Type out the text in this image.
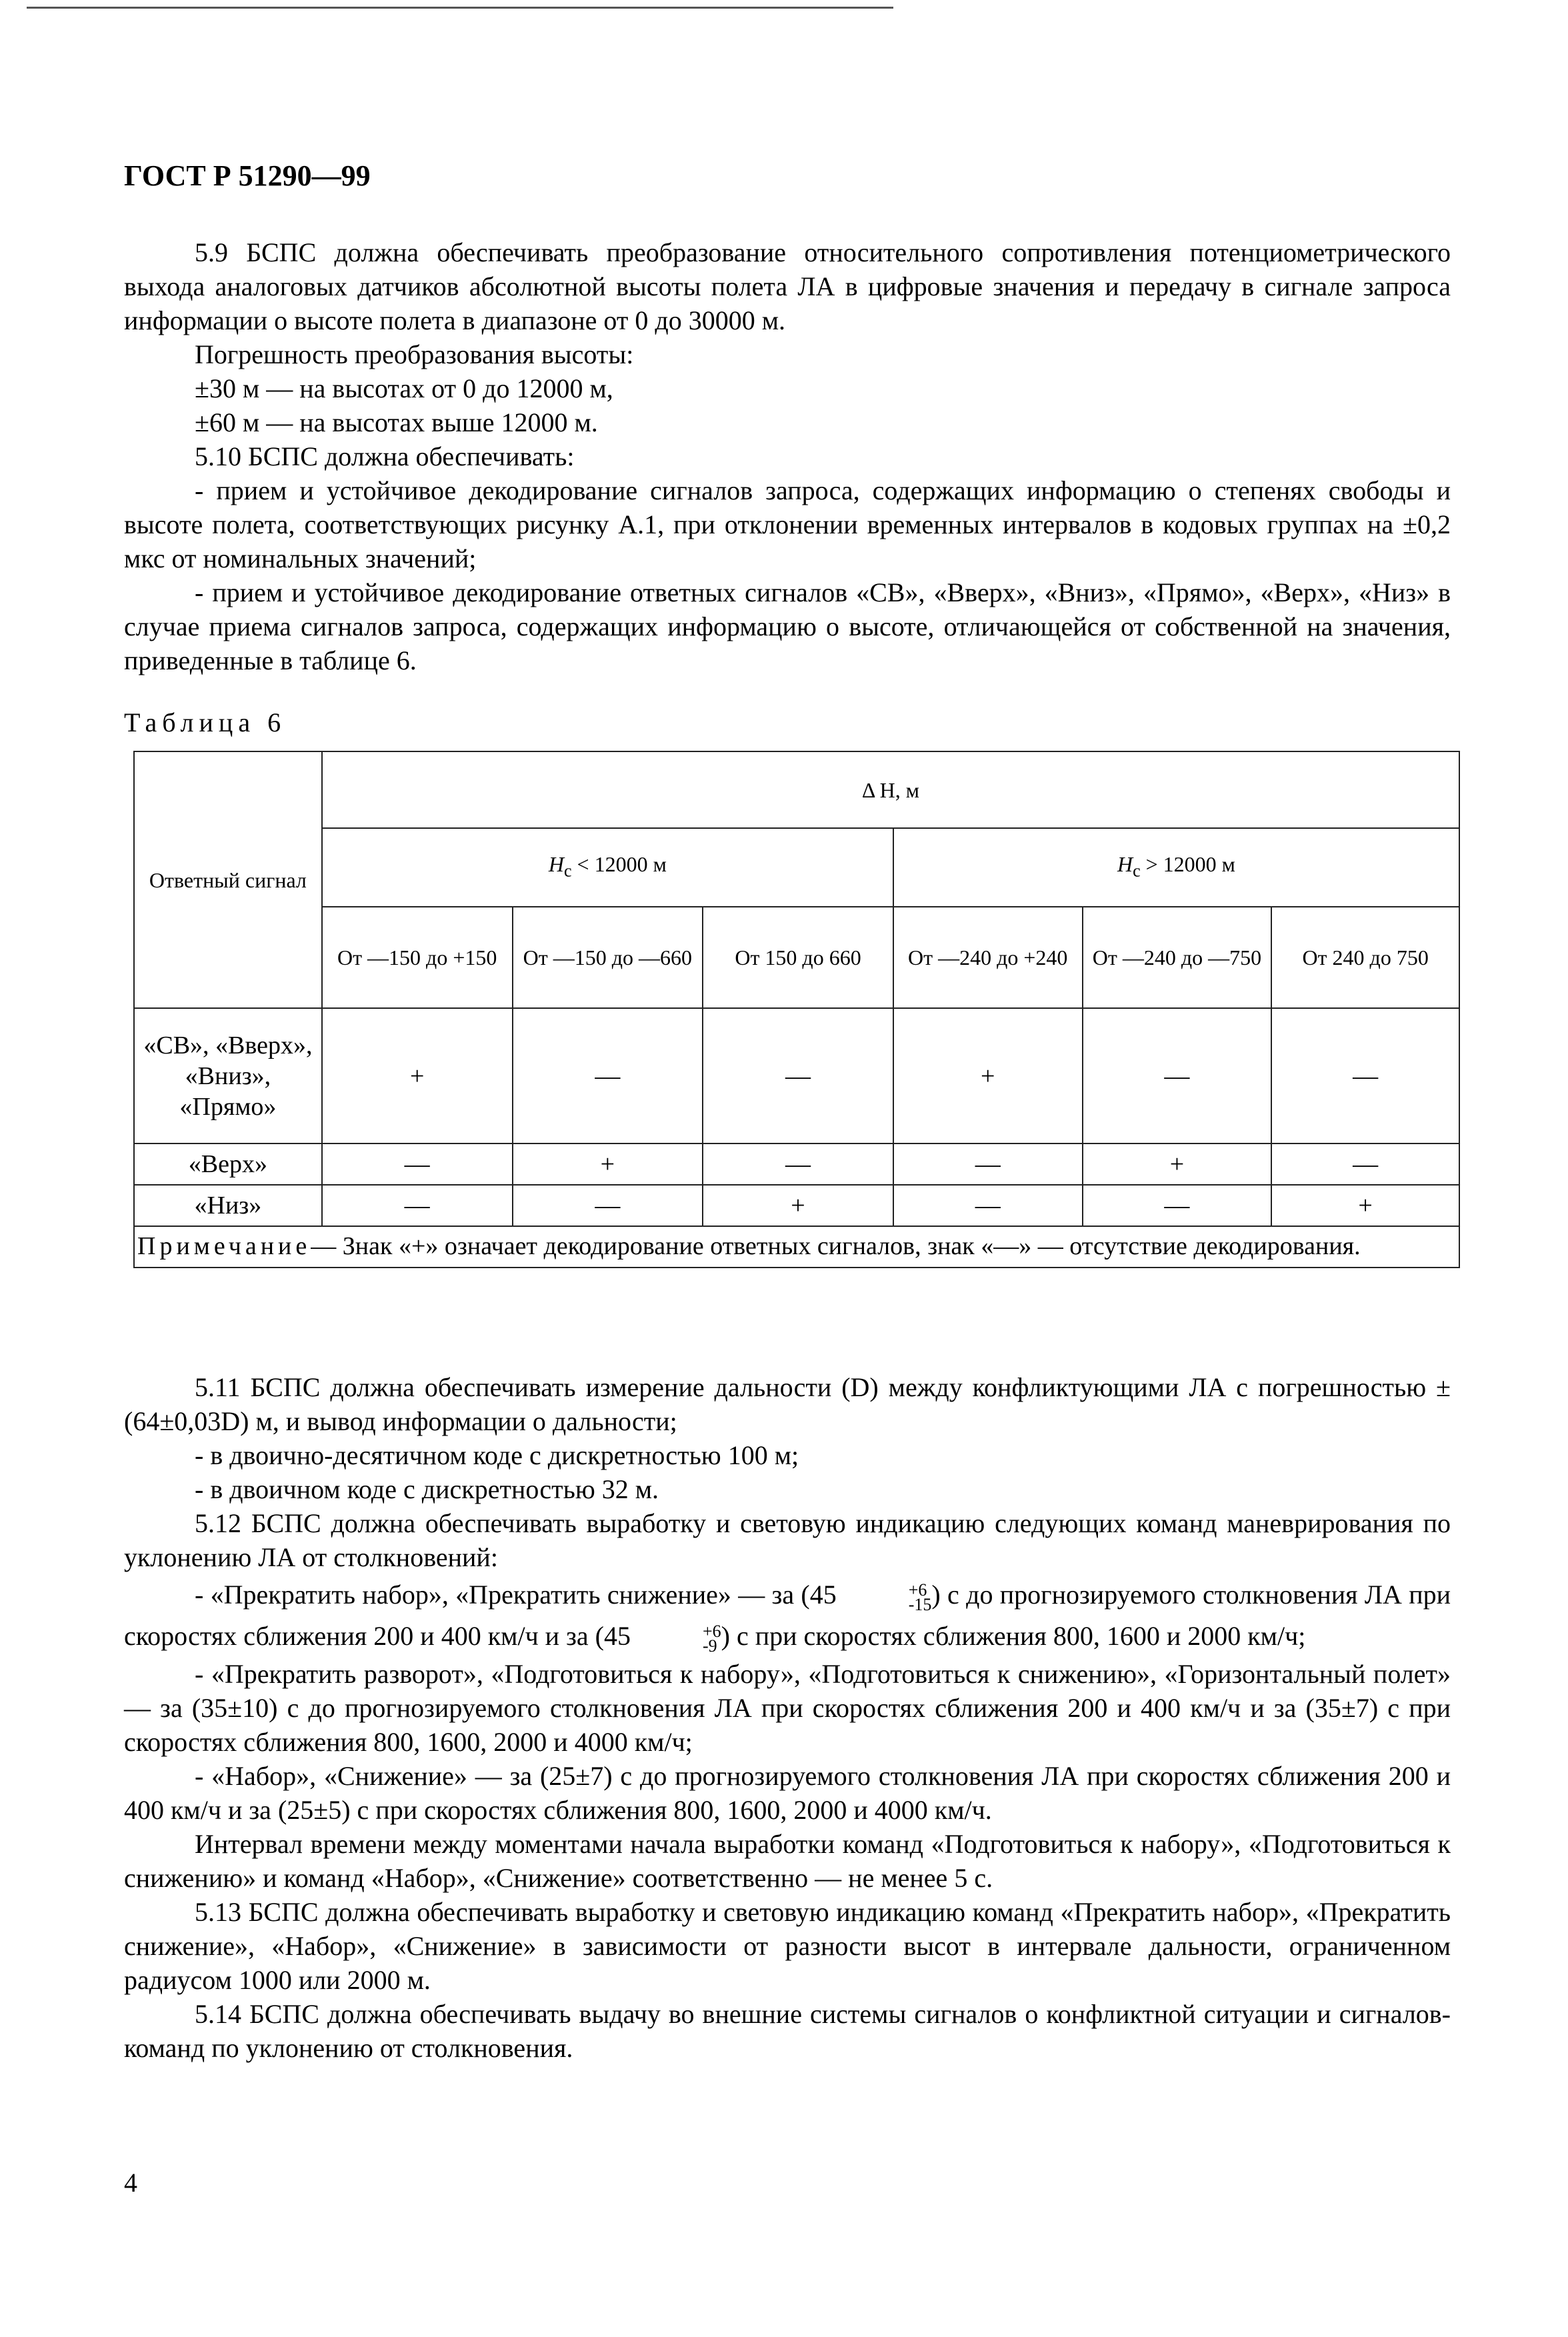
ГОСТ Р 51290—99

5.9 БСПС должна обеспечивать преобразование относительного сопротивления потенциометрического выхода аналоговых датчиков абсолютной высоты полета ЛА в цифровые значения и передачу в сигнале запроса информации о высоте полета в диапазоне от 0 до 30000 м.

Погрешность преобразования высоты:

±30 м — на высотах от 0 до 12000 м,

±60 м — на высотах выше 12000 м.

5.10 БСПС должна обеспечивать:

- прием и устойчивое декодирование сигналов запроса, содержащих информацию о степенях свободы и высоте полета, соответствующих рисунку А.1, при отклонении временных интервалов в кодовых группах на ±0,2 мкс от номинальных значений;

- прием и устойчивое декодирование ответных сигналов «СВ», «Вверх», «Вниз», «Прямо», «Верх», «Низ» в случае приема сигналов запроса, содержащих информацию о высоте, отличающейся от собственной на значения, приведенные в таблице 6.

Таблица 6
Ответный сигнал	Δ H, м					
	$H_с < 12000$ м			$H_с > 12000$ м		
	От —150 до +150	От —150 до —660	От 150 до 660	От —240 до +240	От —240 до —750	От 240 до 750
«СВ», «Вверх», «Вниз», «Прямо»	+	—	—	+	—	—
«Верх»	—	+	—	—	+	—
«Низ»	—	—	+	—	—	+
Примечание— Знак «+» означает декодирование ответных сигналов, знак «—» — отсутствие декодирования.						

5.11 БСПС должна обеспечивать измерение дальности (D) между конфликтующими ЛА с погрешностью ±(64±0,03D) м, и вывод информации о дальности;

- в двоично-десятичном коде с дискретностью 100 м;

- в двоичном коде с дискретностью 32 м.

5.12 БСПС должна обеспечивать выработку и световую индикацию следующих команд маневрирования по уклонению ЛА от столкновений:

- «Прекратить набор», «Прекратить снижение» — за (45	+6
-15 ) с до прогнозируемого столкновения ЛА при скоростях сближения 200 и 400 км/ч и за (45	+6
-9 ) с при скоростях сближения 800, 1600 и 2000 км/ч;

- «Прекратить разворот», «Подготовиться к набору», «Подготовиться к снижению», «Горизонтальный полет» — за (35±10) с до прогнозируемого столкновения ЛА при скоростях сближения 200 и 400 км/ч и за (35±7) с при скоростях сближения 800, 1600, 2000 и 4000 км/ч;

- «Набор», «Снижение» — за (25±7) с до прогнозируемого столкновения ЛА при скоростях сближения 200 и 400 км/ч и за (25±5) с при скоростях сближения 800, 1600, 2000 и 4000 км/ч.

Интервал времени между моментами начала выработки команд «Подготовиться к набору», «Подготовиться к снижению» и команд «Набор», «Снижение» соответственно — не менее 5 с.

5.13 БСПС должна обеспечивать выработку и световую индикацию команд «Прекратить набор», «Прекратить снижение», «Набор», «Снижение» в зависимости от разности высот в интервале дальности, ограниченном радиусом 1000 или 2000 м.

5.14 БСПС должна обеспечивать выдачу во внешние системы сигналов о конфликтной ситуации и сигналов-команд по уклонению от столкновения.

4
